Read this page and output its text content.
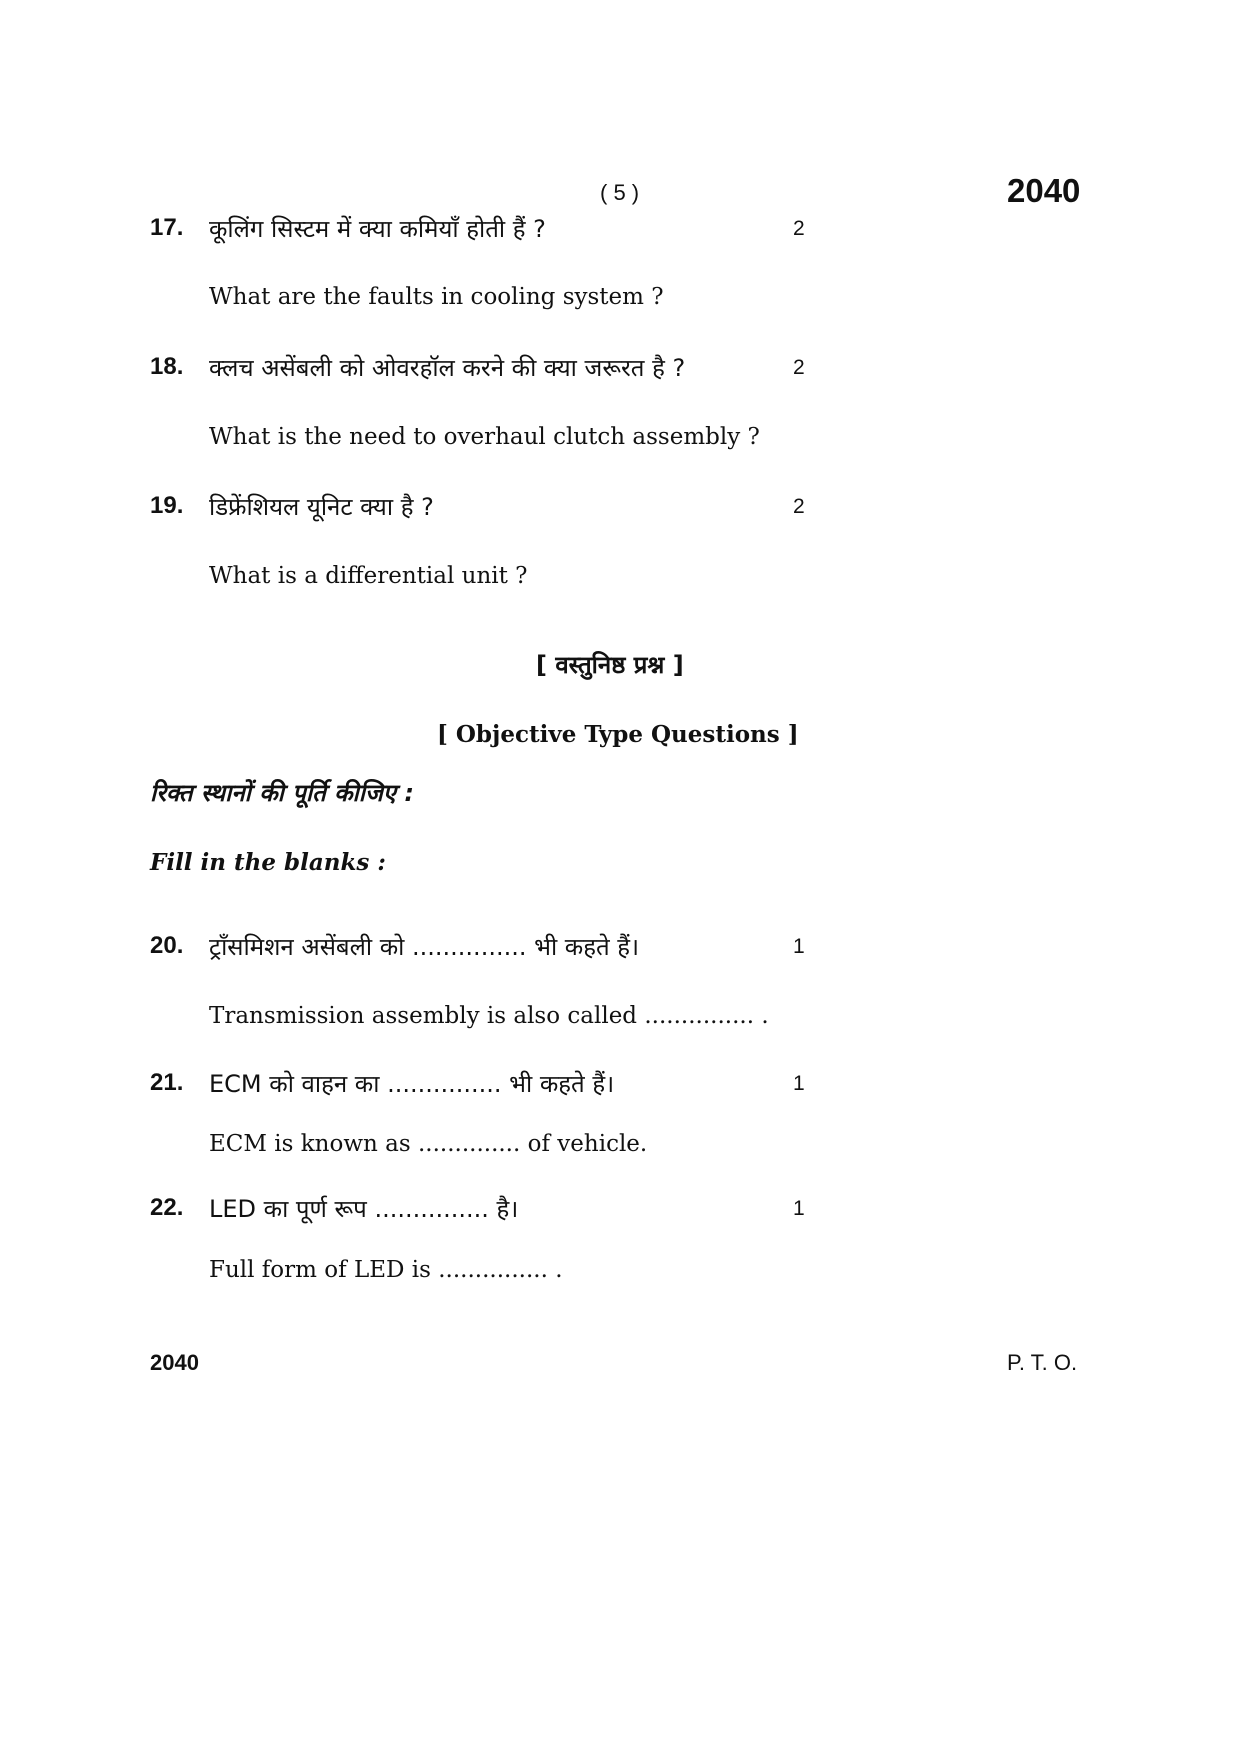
( 5 )	2040
17. कूलिंग सिस्टम में क्या कमियाँ होती हैं ?	2
What are the faults in cooling system ?
18. क्लच असेंबली को ओवरहॉल करने की क्या जरूरत है ?	2
What is the need to overhaul clutch assembly ?
19. डिफ्रेंशियल यूनिट क्या है ?	2
What is a differential unit ?
[ वस्तुनिष्ठ प्रश्न ]
[ Objective Type Questions ]
रिक्त स्थानों की पूर्ति कीजिए :
Fill in the blanks :
20. ट्राँसमिशन असेंबली को ............... भी कहते हैं।	1
Transmission assembly is also called ............... .
21. ECM को वाहन का ............... भी कहते हैं।	1
ECM is known as .............. of vehicle.
22. LED का पूर्ण रूप ............... है।	1
Full form of LED is ............... .
2040	P. T. O.
